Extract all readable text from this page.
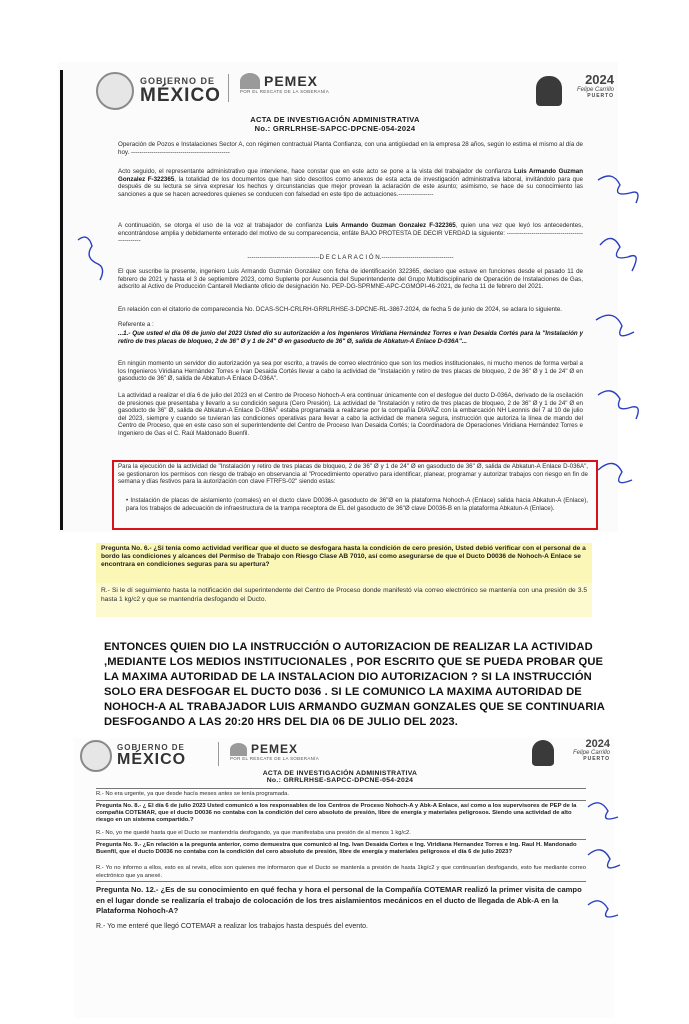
GOBIERNO DE
MÉXICO
PEMEX
POR EL RESCATE DE LA SOBERANÍA
2024
Felipe Carrillo
PUERTO
ACTA DE INVESTIGACIÓN ADMINISTRATIVA
No.: GRRLRHSE-SAPCC-DPCNE-054-2024
Operación de Pozos e Instalaciones Sector A, con régimen contractual Planta Confianza, con una antigüedad en la empresa 28 años, según lo estima el mismo al día de hoy. ------------------------------------------------
Acto seguido, el representante administrativo que interviene, hace constar que en este acto se pone a la vista del trabajador de confianza Luis Armando Guzman Gonzalez F-322365, la totalidad de los documentos que han sido descritos como anexos de esta acta de investigación administrativa laboral, invitándolo para que después de su lectura se sirva expresar los hechos y circunstancias que mejor provean la aclaración de este asunto; asimismo, se hace de su conocimiento las sanciones a que se hacen acreedores quienes se conducen con falsedad en este tipo de actuaciones.-----------------
A continuación, se otorga el uso de la voz al trabajador de confianza Luis Armando Guzman Gonzalez F-322365, quien una vez que leyó los antecedentes, encontrándose amplia y debidamente enterado del motivo de su comparecencia, enfáte BAJO PROTESTA DE DECIR VERDAD la siguiente: ------------------------------------------------
-----------------------------------D E C L A R A C I Ó N.-----------------------------------
El que suscribe la presente, ingeniero Luis Armando Guzmán González con ficha de identificación 322365, declaro que estuve en funciones desde el pasado 11 de febrero de 2021 y hasta el 3 de septiembre 2023, como Suplente por Ausencia del Superintendente del Grupo Multidisciplinario de Operación de Instalaciones de Gas, adscrito al Activo de Producción Cantarell Mediante oficio de designación No. PEP-DG-SPRMNE-APC-CGMOPI-46-2021, de fecha 11 de febrero del 2021.
En relación con el citatorio de comparecencia No. DCAS-SCH-CRLRH-GRRLRHSE-3-DPCNE-RL-3867-2024, de fecha 5 de junio de 2024, se aclara lo siguiente.
Referente a :
...1.- Que usted el día 06 de junio del 2023 Usted dio su autorización a los Ingenieros Viridiana Hernández Torres e Ivan Desaida Cortés para la "Instalación y retiro de tres placas de bloqueo, 2 de 36" Ø y 1 de 24" Ø en gasoducto de 36" Ø, salida de Abkatun-A Enlace D-036A"...
En ningún momento un servidor dio autorización ya sea por escrito, a través de correo electrónico que son los medios institucionales, ni mucho menos de forma verbal a los Ingenieros Viridiana Hernández Torres e Ivan Desaida Cortés llevar a cabo la actividad de "Instalación y retiro de tres placas de bloqueo, 2 de 36" Ø y 1 de 24" Ø en gasoducto de 36" Ø, salida de Abkatun-A Enlace D-036A".
La actividad a realizar el día 6 de julio del 2023 en el Centro de Proceso Nohoch-A era continuar únicamente con el desfogue del ducto D-036A, derivado de la oscilación de presiones que presentaba y llevarlo a su condición segura (Cero Presión). La actividad de "Instalación y retiro de tres placas de bloqueo, 2 de 36" Ø y 1 de 24" Ø en gasoducto de 36" Ø, salida de Abkatun-A Enlace D-036A" estaba programada a realizarse por la compañía DIAVAZ con la embarcación NH Leonnis del 7 al 10 de julio del 2023, siempre y cuando se tuvieran las condiciones operativas para llevar a cabo la actividad de manera segura, instrucción que autoriza la línea de mando del Centro de Proceso, que en este caso son el superintendente del Centro de Proceso Ivan Desaida Cortés; la Coordinadora de Operaciones Viridiana Hernández Torres e Ingeniero de Gas el C. Raúl Maldonado Buenfil.
Para la ejecución de la actividad de "Instalación y retiro de tres placas de bloqueo, 2 de 36" Ø y 1 de 24" Ø en gasoducto de 36" Ø, salida de Abkatun-A Enlace D-036A", se gestionaron los permisos con riesgo de trabajo en observancia al "Procedimiento operativo para identificar, planear, programar y autorizar trabajos con riesgo en fin de semana y días festivos para la autorización con clave FTRFS-02" siendo estas:
• Instalación de placas de aislamiento (comales) en el ducto clave D0036-A gasoducto de 36"Ø en la plataforma Nohoch-A (Enlace) salida hacia Abkatun-A (Enlace), para los trabajos de adecuación de infraestructura de la trampa receptora de EL del gasoducto de 36"Ø clave D0036-B en la plataforma Abkatun-A (Enlace).
Pregunta No. 6.- ¿Si tenía como actividad verificar que el ducto se desfogara hasta la condición de cero presión, Usted debió verificar con el personal de a bordo las condiciones y alcances del Permiso de Trabajo con Riesgo Clase AB 7010, así como asegurarse de que el Ducto D0036 de Nohoch-A Enlace se encontrara en condiciones seguras para su apertura?
R.- Si le dí seguimiento hasta la notificación del superintendente del Centro de Proceso donde manifestó vía correo electrónico se mantenía con una presión de 3.5 hasta 1 kg/c2 y que se mantendría desfogando el Ducto.
ENTONCES QUIEN DIO LA INSTRUCCIÓN O AUTORIZACION DE REALIZAR LA ACTIVIDAD ,MEDIANTE LOS MEDIOS INSTITUCIONALES , POR ESCRITO QUE SE PUEDA PROBAR QUE LA MAXIMA AUTORIDAD DE LA INSTALACION DIO AUTORIZACION ? SI LA INSTRUCCIÓN SOLO ERA DESFOGAR EL DUCTO D036 . SI LE COMUNICO LA MAXIMA AUTORIDAD DE NOHOCH-A AL TRABAJADOR LUIS ARMANDO GUZMAN GONZALES QUE SE CONTINUARIA DESFOGANDO A LAS 20:20 HRS DEL DIA 06 DE JULIO DEL 2023.
GOBIERNO DE
MÉXICO
PEMEX
POR EL RESCATE DE LA SOBERANÍA
2024
Felipe Carrillo
PUERTO
ACTA DE INVESTIGACIÓN ADMINISTRATIVA
No.: GRRLRHSE-SAPCC-DPCNE-054-2024
R.- No era urgente, ya que desde hacía meses antes se tenía programada.
Pregunta No. 8.- ¿ El día 6 de julio 2023 Usted comunicó a los responsables de los Centros de Proceso Nohoch-A y Abk-A Enlace, así como a los supervisores de PEP de la compañía COTEMAR, que el ducto D0036 no contaba con la condición del cero absoluto de presión, libre de energía y materiales peligrosos. Siendo una actividad de alto riesgo en un sistema compartido.?
R.- No, yo me quedé hasta que el Ducto se mantendría desfogando, ya que manifestaba una presión de al menos 1 kg/c2.
Pregunta No. 9.- ¿En relación a la pregunta anterior, como demuestra que comunicó al Ing. Ivan Desaida Cortes e Ing. Viridiana Hernandez Torres e Ing. Raul H. Mandonado Buenfil, que el ducto D0036 no contaba con la condición del cero absoluto de presión, libre de energía y materiales peligrosos el día 6 de julio 2023?
R.- Yo no informo a ellos, esto es al revés, ellos son quienes me informaron que el Ducto se mantenía a presión de hasta 1kg/c2 y que continuarían desfogando, esto fue mediante correo electrónico que ya anexé.
Pregunta No. 12.- ¿Es de su conocimiento en qué fecha y hora el personal de la Compañía COTEMAR realizó la primer visita de campo en el lugar donde se realizaría el trabajo de colocación de los tres aislamientos mecánicos en el ducto de llegada de Abk-A en la Plataforma Nohoch-A?
R.- Yo me enteré que llegó COTEMAR a realizar los trabajos hasta después del evento.
